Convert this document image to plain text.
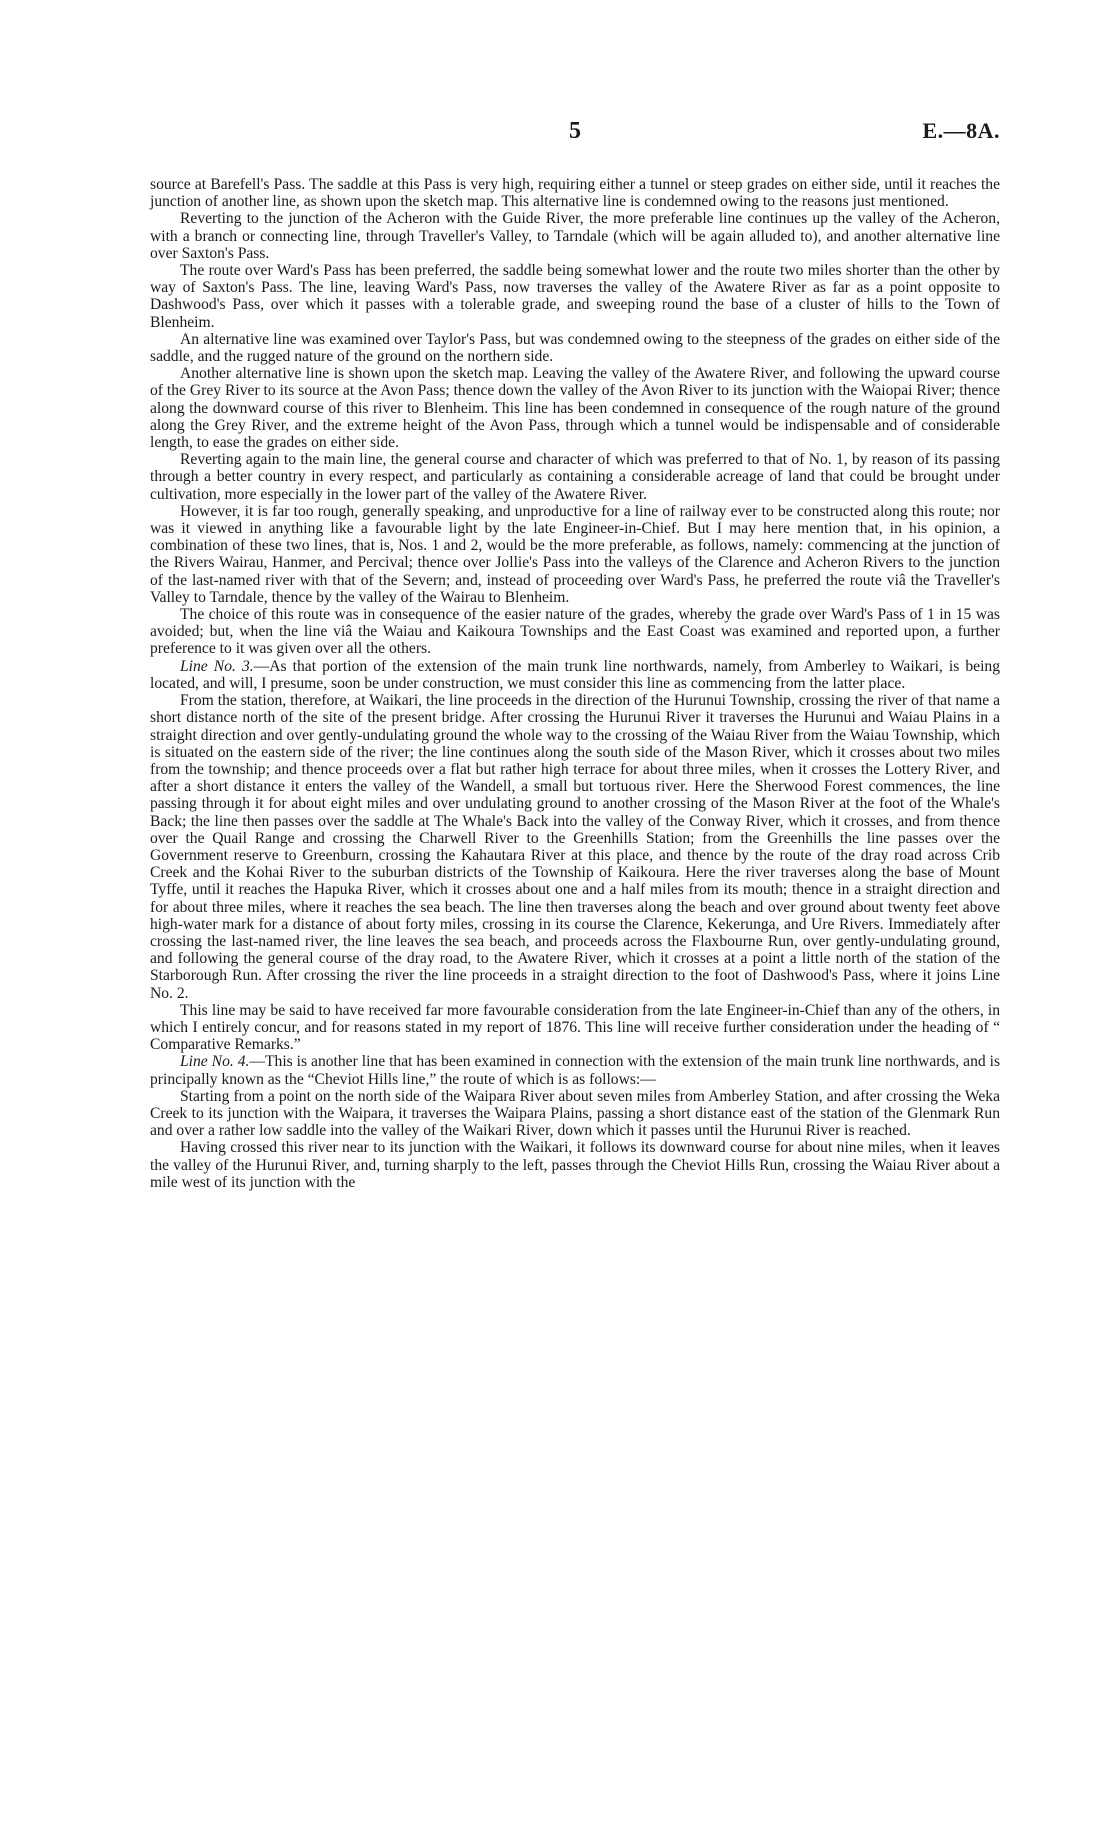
5	E.—8A.

source at Barefell's Pass. The saddle at this Pass is very high, requiring either a tunnel or steep grades on either side, until it reaches the junction of another line, as shown upon the sketch map. This alternative line is condemned owing to the reasons just mentioned.

Reverting to the junction of the Acheron with the Guide River, the more preferable line continues up the valley of the Acheron, with a branch or connecting line, through Traveller's Valley, to Tarndale (which will be again alluded to), and another alternative line over Saxton's Pass.

The route over Ward's Pass has been preferred, the saddle being somewhat lower and the route two miles shorter than the other by way of Saxton's Pass. The line, leaving Ward's Pass, now traverses the valley of the Awatere River as far as a point opposite to Dashwood's Pass, over which it passes with a tolerable grade, and sweeping round the base of a cluster of hills to the Town of Blenheim.

An alternative line was examined over Taylor's Pass, but was condemned owing to the steepness of the grades on either side of the saddle, and the rugged nature of the ground on the northern side.

Another alternative line is shown upon the sketch map. Leaving the valley of the Awatere River, and following the upward course of the Grey River to its source at the Avon Pass; thence down the valley of the Avon River to its junction with the Waiopai River; thence along the downward course of this river to Blenheim. This line has been condemned in consequence of the rough nature of the ground along the Grey River, and the extreme height of the Avon Pass, through which a tunnel would be indispensable and of considerable length, to ease the grades on either side.

Reverting again to the main line, the general course and character of which was preferred to that of No. 1, by reason of its passing through a better country in every respect, and particularly as containing a considerable acreage of land that could be brought under cultivation, more especially in the lower part of the valley of the Awatere River.

However, it is far too rough, generally speaking, and unproductive for a line of railway ever to be constructed along this route; nor was it viewed in anything like a favourable light by the late Engineer-in-Chief. But I may here mention that, in his opinion, a combination of these two lines, that is, Nos. 1 and 2, would be the more preferable, as follows, namely: commencing at the junction of the Rivers Wairau, Hanmer, and Percival; thence over Jollie's Pass into the valleys of the Clarence and Acheron Rivers to the junction of the last-named river with that of the Severn; and, instead of proceeding over Ward's Pass, he preferred the route viâ the Traveller's Valley to Tarndale, thence by the valley of the Wairau to Blenheim.

The choice of this route was in consequence of the easier nature of the grades, whereby the grade over Ward's Pass of 1 in 15 was avoided; but, when the line viâ the Waiau and Kaikoura Townships and the East Coast was examined and reported upon, a further preference to it was given over all the others.

Line No. 3.—As that portion of the extension of the main trunk line northwards, namely, from Amberley to Waikari, is being located, and will, I presume, soon be under construction, we must consider this line as commencing from the latter place.

From the station, therefore, at Waikari, the line proceeds in the direction of the Hurunui Township, crossing the river of that name a short distance north of the site of the present bridge. After crossing the Hurunui River it traverses the Hurunui and Waiau Plains in a straight direction and over gently-undulating ground the whole way to the crossing of the Waiau River from the Waiau Township, which is situated on the eastern side of the river; the line continues along the south side of the Mason River, which it crosses about two miles from the township; and thence proceeds over a flat but rather high terrace for about three miles, when it crosses the Lottery River, and after a short distance it enters the valley of the Wandell, a small but tortuous river. Here the Sherwood Forest commences, the line passing through it for about eight miles and over undulating ground to another crossing of the Mason River at the foot of the Whale's Back; the line then passes over the saddle at The Whale's Back into the valley of the Conway River, which it crosses, and from thence over the Quail Range and crossing the Charwell River to the Greenhills Station; from the Greenhills the line passes over the Government reserve to Greenburn, crossing the Kahautara River at this place, and thence by the route of the dray road across Crib Creek and the Kohai River to the suburban districts of the Township of Kaikoura. Here the river traverses along the base of Mount Tyffe, until it reaches the Hapuka River, which it crosses about one and a half miles from its mouth; thence in a straight direction and for about three miles, where it reaches the sea beach. The line then traverses along the beach and over ground about twenty feet above high-water mark for a distance of about forty miles, crossing in its course the Clarence, Kekerunga, and Ure Rivers. Immediately after crossing the last-named river, the line leaves the sea beach, and proceeds across the Flaxbourne Run, over gently-undulating ground, and following the general course of the dray road, to the Awatere River, which it crosses at a point a little north of the station of the Starborough Run. After crossing the river the line proceeds in a straight direction to the foot of Dashwood's Pass, where it joins Line No. 2.

This line may be said to have received far more favourable consideration from the late Engineer-in-Chief than any of the others, in which I entirely concur, and for reasons stated in my report of 1876. This line will receive further consideration under the heading of “ Comparative Remarks.”

Line No. 4.—This is another line that has been examined in connection with the extension of the main trunk line northwards, and is principally known as the “Cheviot Hills line,” the route of which is as follows:—

Starting from a point on the north side of the Waipara River about seven miles from Amberley Station, and after crossing the Weka Creek to its junction with the Waipara, it traverses the Waipara Plains, passing a short distance east of the station of the Glenmark Run and over a rather low saddle into the valley of the Waikari River, down which it passes until the Hurunui River is reached.

Having crossed this river near to its junction with the Waikari, it follows its downward course for about nine miles, when it leaves the valley of the Hurunui River, and, turning sharply to the left, passes through the Cheviot Hills Run, crossing the Waiau River about a mile west of its junction with the
